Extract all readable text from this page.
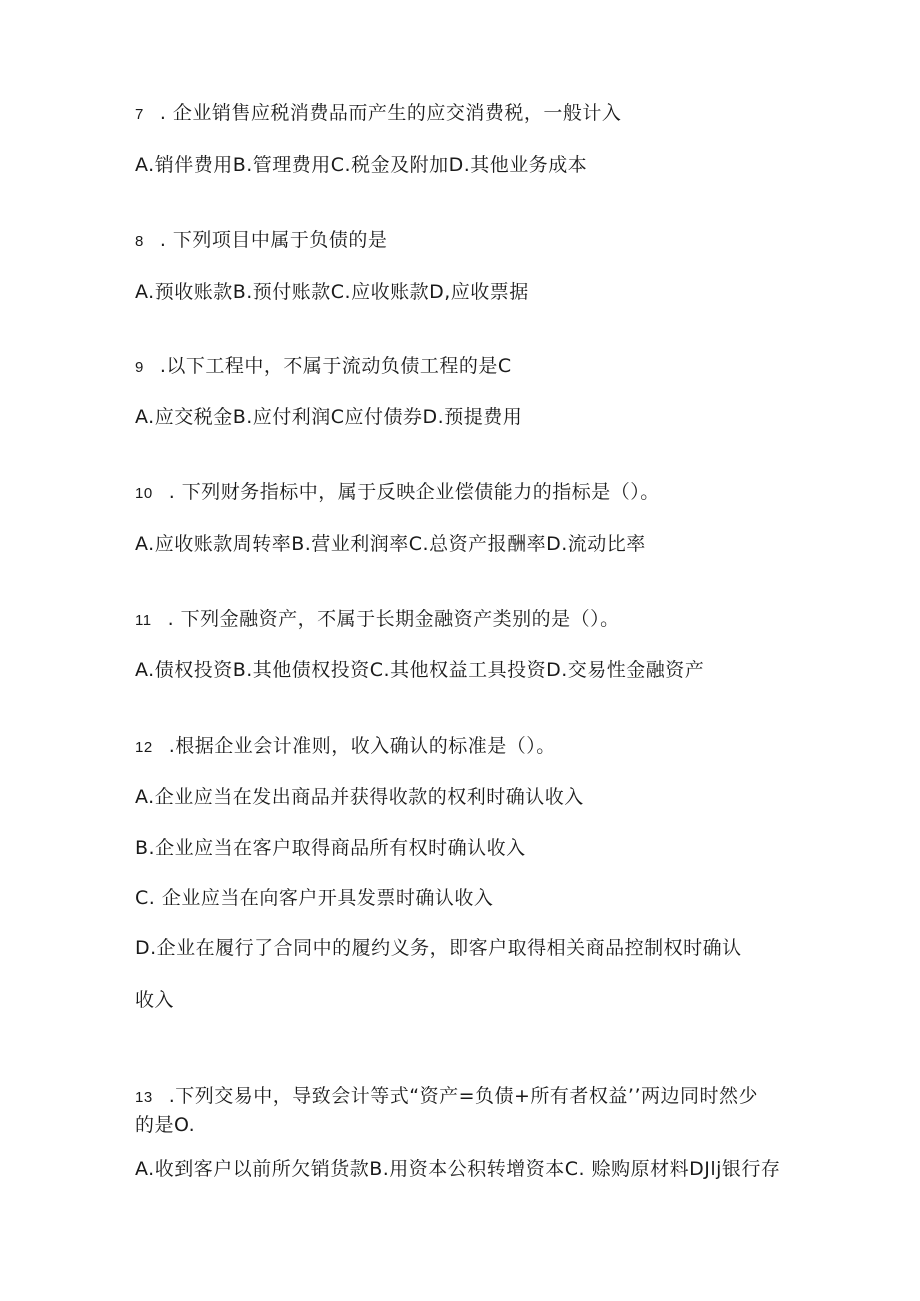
7 . 企业销售应税消费品而产生的应交消费税，一般计入
A.销伴费用B.管理费用C.税金及附加D.其他业务成本
8 . 下列项目中属于负债的是
A.预收账款B.预付账款C.应收账款D,应收票据
9 .以下工程中，不属于流动负债工程的是C
A.应交税金B.应付利润C应付债券D.预提费用
10 . 下列财务指标中，属于反映企业偿债能力的指标是（）。
A.应收账款周转率B.营业利润率C.总资产报酬率D.流动比率
11 . 下列金融资产，不属于长期金融资产类别的是（）。
A.债权投资B.其他债权投资C.其他权益工具投资D.交易性金融资产
12 .根据企业会计准则，收入确认的标准是（）。
A.企业应当在发出商品并获得收款的权利时确认收入
B.企业应当在客户取得商品所有权时确认收入
C. 企业应当在向客户开具发票时确认收入
D.企业在履行了合同中的履约义务，即客户取得相关商品控制权时确认
收入
13 .下列交易中，导致会计等式“资产=负债+所有者权益’’两边同时然少
的是O.
A.收到客户以前所欠销货款B.用资本公积转增资本C. 赊购原材料DJlj银行存
